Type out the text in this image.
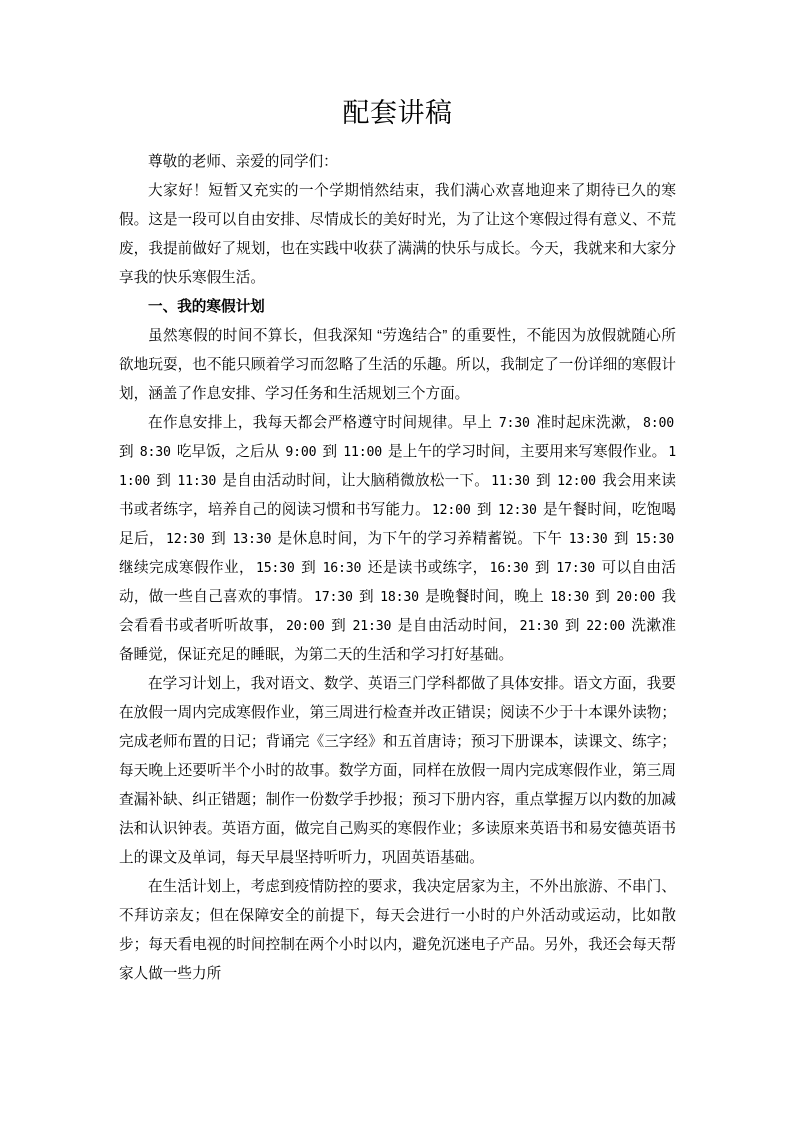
配套讲稿

尊敬的老师、亲爱的同学们：

大家好！短暂又充实的一个学期悄然结束，我们满心欢喜地迎来了期待已久的寒假。这是一段可以自由安排、尽情成长的美好时光，为了让这个寒假过得有意义、不荒废，我提前做好了规划，也在实践中收获了满满的快乐与成长。今天，我就来和大家分享我的快乐寒假生活。

一、我的寒假计划

虽然寒假的时间不算长，但我深知 “劳逸结合” 的重要性，不能因为放假就随心所欲地玩耍，也不能只顾着学习而忽略了生活的乐趣。所以，我制定了一份详细的寒假计划，涵盖了作息安排、学习任务和生活规划三个方面。

在作息安排上，我每天都会严格遵守时间规律。早上 7:30 准时起床洗漱， 8:00 到 8:30 吃早饭，之后从 9:00 到 11:00 是上午的学习时间，主要用来写寒假作业。 11:00 到 11:30 是自由活动时间，让大脑稍微放松一下。 11:30 到 12:00 我会用来读书或者练字，培养自己的阅读习惯和书写能力。 12:00 到 12:30 是午餐时间，吃饱喝足后， 12:30 到 13:30 是休息时间，为下午的学习养精蓄锐。下午 13:30 到 15:30 继续完成寒假作业， 15:30 到 16:30 还是读书或练字， 16:30 到 17:30 可以自由活动，做一些自己喜欢的事情。 17:30 到 18:30 是晚餐时间，晚上 18:30 到 20:00 我会看看书或者听听故事， 20:00 到 21:30 是自由活动时间， 21:30 到 22:00 洗漱准备睡觉，保证充足的睡眠，为第二天的生活和学习打好基础。

在学习计划上，我对语文、数学、英语三门学科都做了具体安排。语文方面，我要在放假一周内完成寒假作业，第三周进行检查并改正错误；阅读不少于十本课外读物；完成老师布置的日记；背诵完《三字经》和五首唐诗；预习下册课本，读课文、练字；每天晚上还要听半个小时的故事。数学方面，同样在放假一周内完成寒假作业，第三周查漏补缺、纠正错题；制作一份数学手抄报；预习下册内容，重点掌握万以内数的加减法和认识钟表。英语方面，做完自己购买的寒假作业；多读原来英语书和易安德英语书上的课文及单词，每天早晨坚持听听力，巩固英语基础。

在生活计划上，考虑到疫情防控的要求，我决定居家为主，不外出旅游、不串门、不拜访亲友；但在保障安全的前提下，每天会进行一小时的户外活动或运动，比如散步；每天看电视的时间控制在两个小时以内，避免沉迷电子产品。另外，我还会每天帮家人做一些力所
